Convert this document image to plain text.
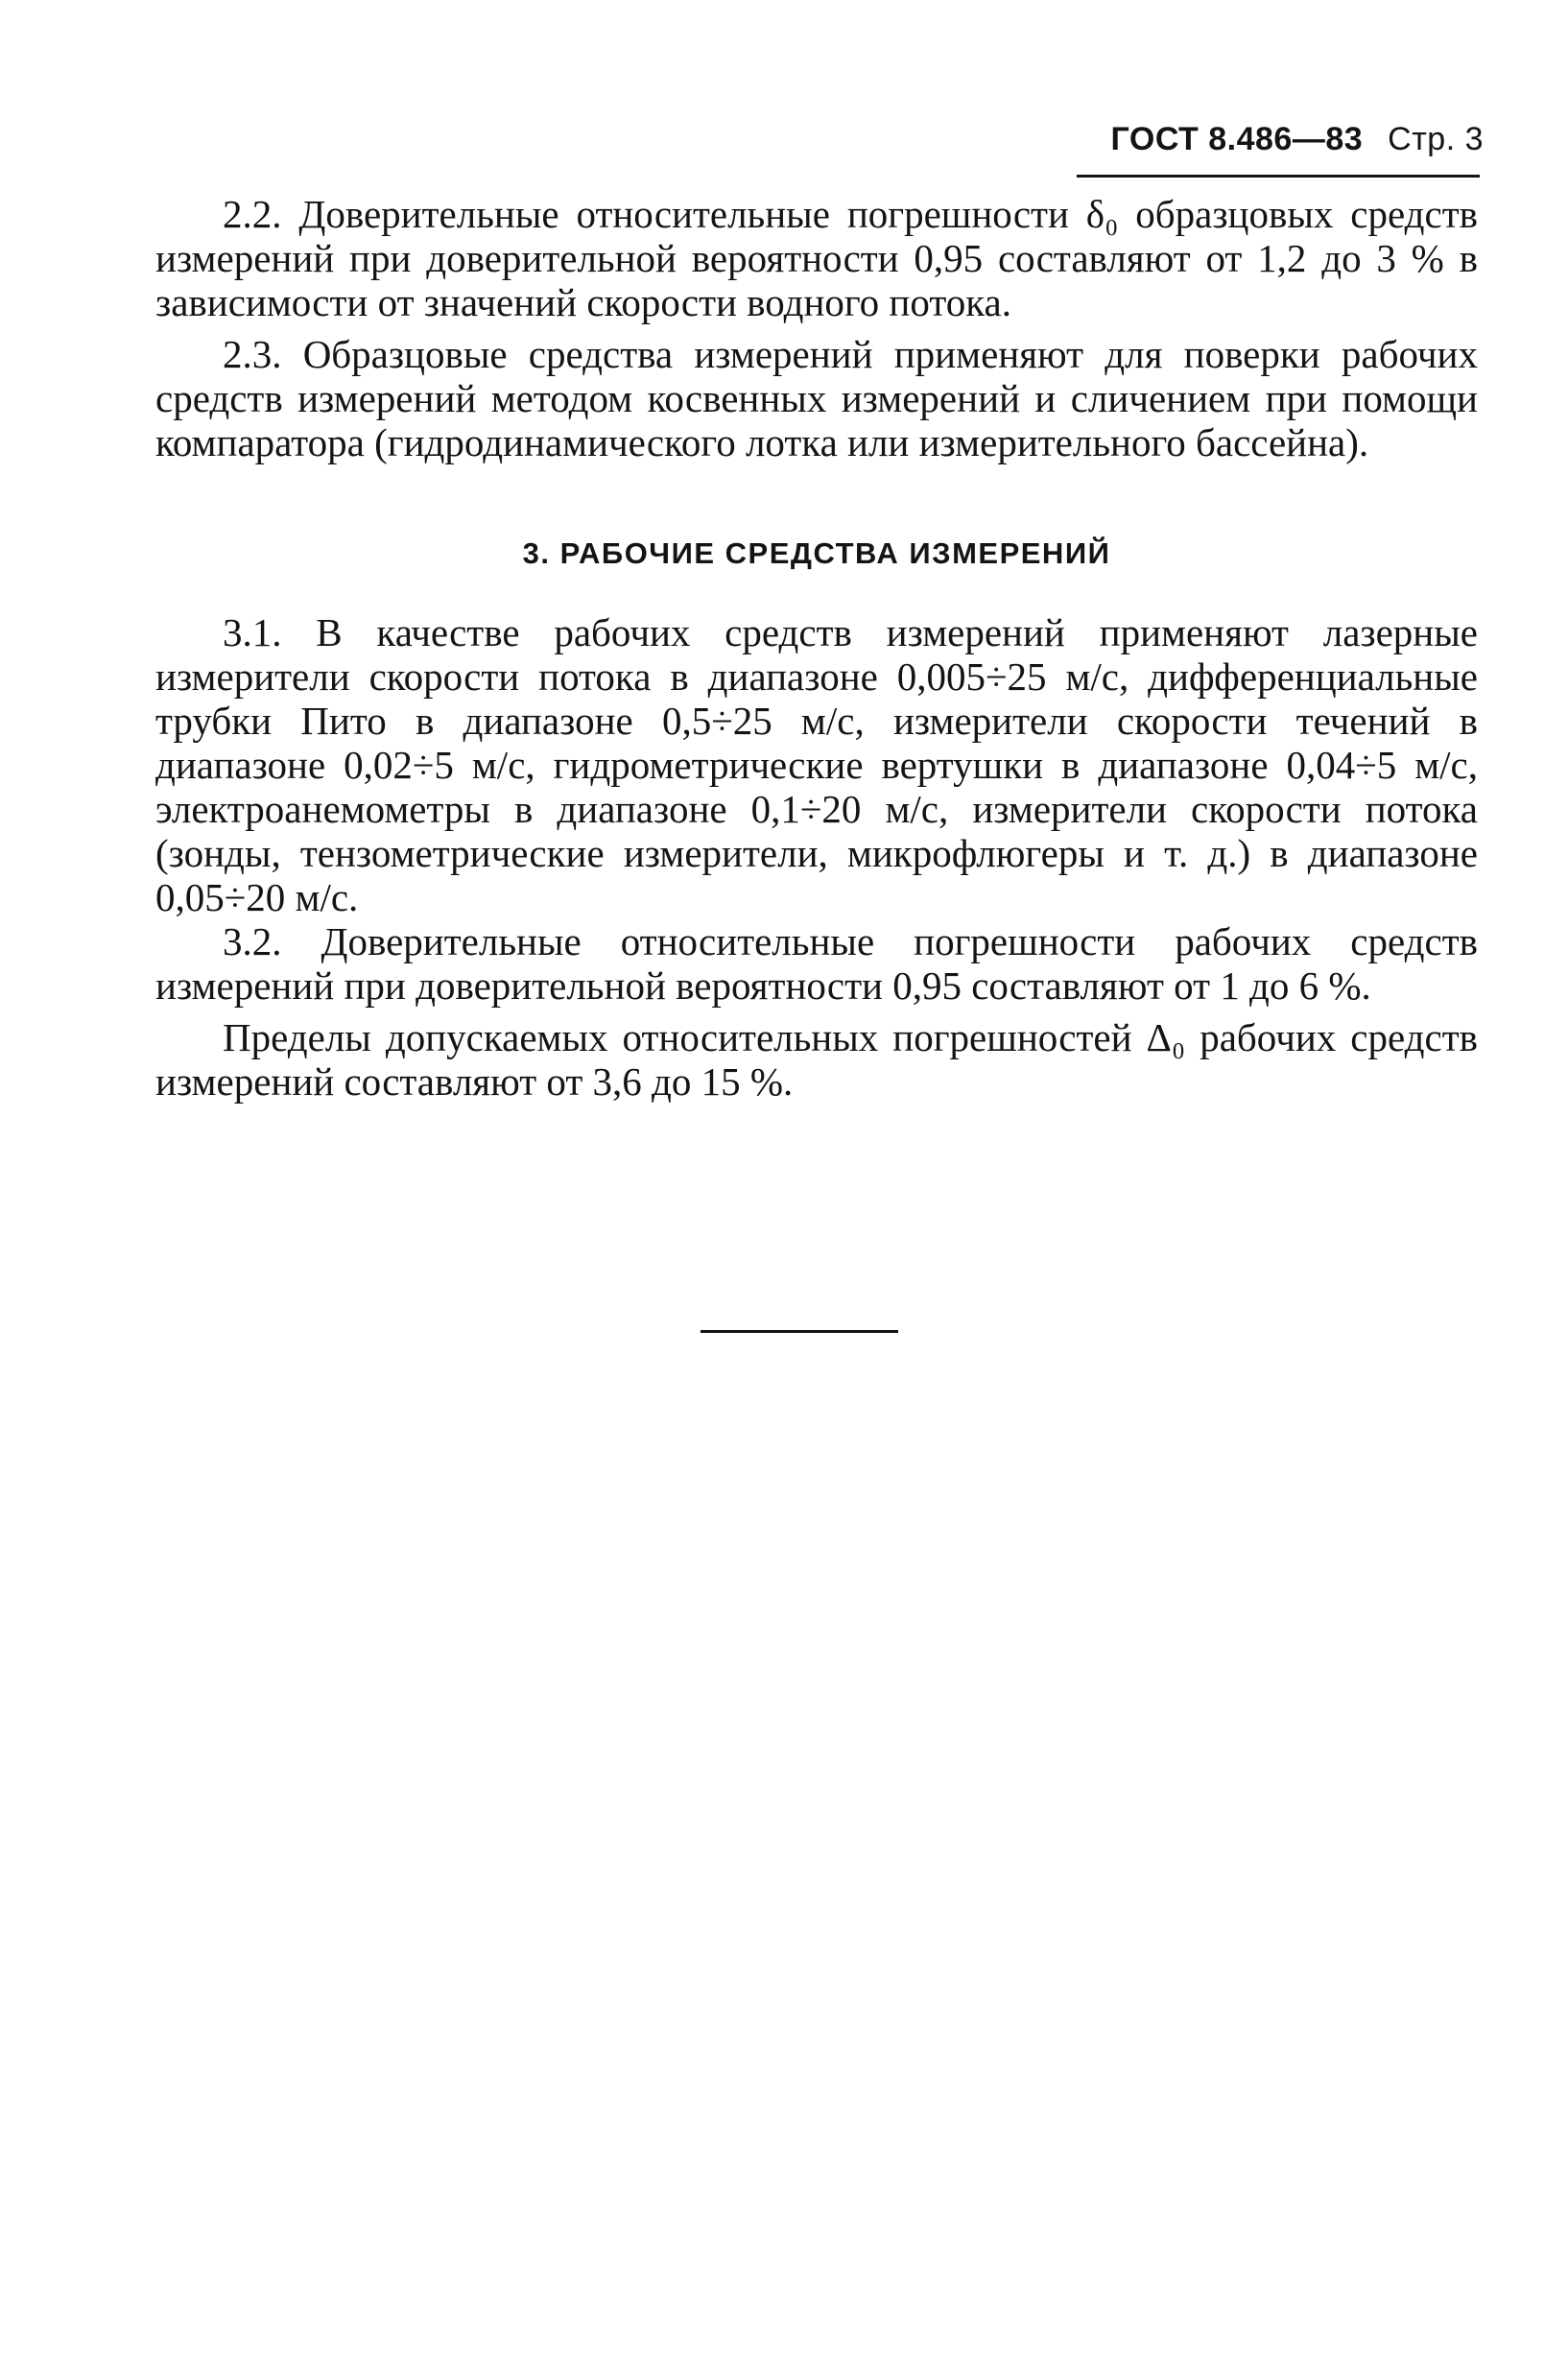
ГОСТ 8.486—83 Стр. 3

2.2. Доверительные относительные погрешности δ₀ образцовых средств измерений при доверительной вероятности 0,95 составляют от 1,2 до 3 % в зависимости от значений скорости водного потока.

2.3. Образцовые средства измерений применяют для поверки рабочих средств измерений методом косвенных измерений и сличением при помощи компаратора (гидродинамического лотка или измерительного бассейна).

3. РАБОЧИЕ СРЕДСТВА ИЗМЕРЕНИЙ

3.1. В качестве рабочих средств измерений применяют лазерные измерители скорости потока в диапазоне 0,005÷25 м/с, дифференциальные трубки Пито в диапазоне 0,5÷25 м/с, измерители скорости течений в диапазоне 0,02÷5 м/с, гидрометрические вертушки в диапазоне 0,04÷5 м/с, электроанемометры в диапазоне 0,1÷20 м/с, измерители скорости потока (зонды, тензометрические измерители, микрофлюгеры и т. д.) в диапазоне 0,05÷20 м/с.

3.2. Доверительные относительные погрешности рабочих средств измерений при доверительной вероятности 0,95 составляют от 1 до 6 %.

Пределы допускаемых относительных погрешностей Δ₀ рабочих средств измерений составляют от 3,6 до 15 %.
